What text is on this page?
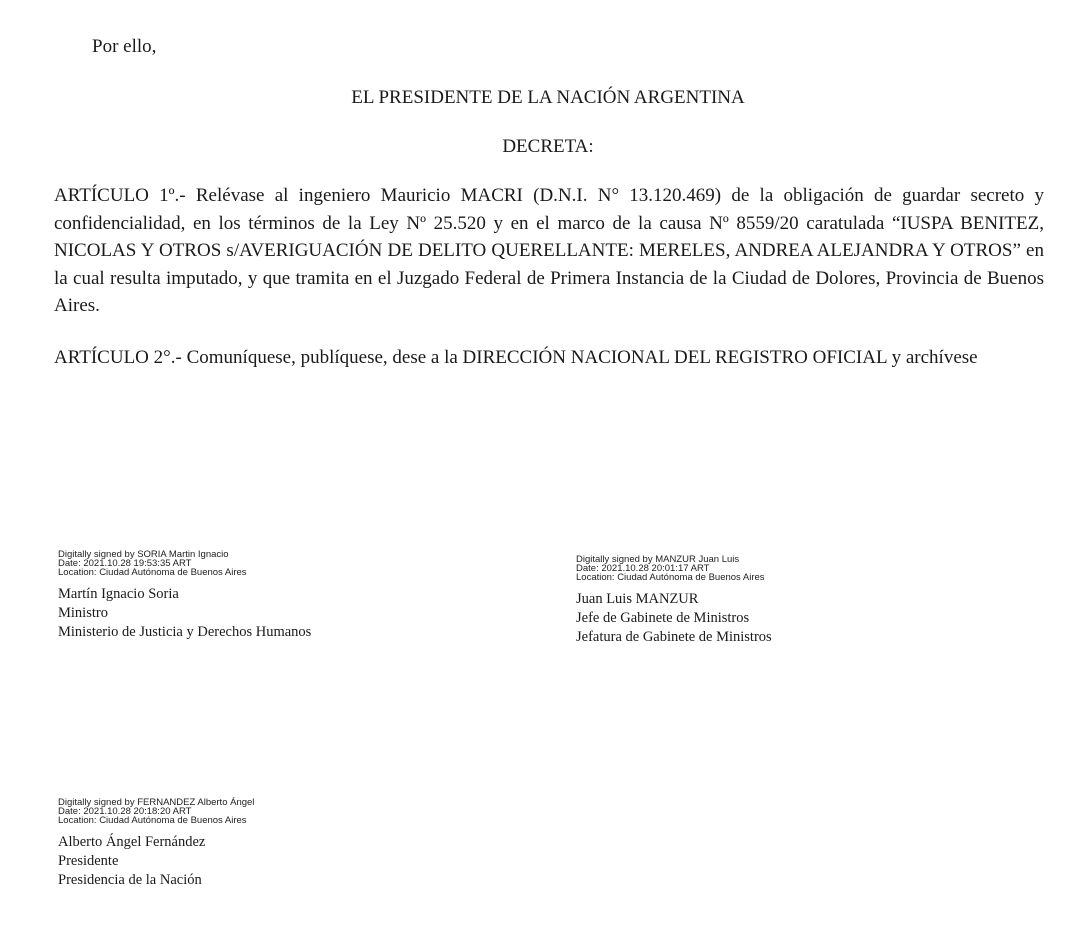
Por ello,

EL PRESIDENTE DE LA NACIÓN ARGENTINA

DECRETA:

ARTÍCULO 1º.- Relévase al ingeniero Mauricio MACRI (D.N.I. N° 13.120.469) de la obligación de guardar secreto y confidencialidad, en los términos de la Ley Nº 25.520 y en el marco de la causa Nº 8559/20 caratulada “IUSPA BENITEZ, NICOLAS Y OTROS s/AVERIGUACIÓN DE DELITO QUERELLANTE: MERELES, ANDREA ALEJANDRA Y OTROS” en la cual resulta imputado, y que tramita en el Juzgado Federal de Primera Instancia de la Ciudad de Dolores, Provincia de Buenos Aires.

ARTÍCULO 2°.- Comuníquese, publíquese, dese a la DIRECCIÓN NACIONAL DEL REGISTRO OFICIAL y archívese

Digitally signed by SORIA Martin Ignacio
Date: 2021.10.28 19:53:35 ART
Location: Ciudad Autónoma de Buenos Aires
Martín Ignacio Soria
Ministro
Ministerio de Justicia y Derechos Humanos
Digitally signed by MANZUR Juan Luis
Date: 2021.10.28 20:01:17 ART
Location: Ciudad Autónoma de Buenos Aires
Juan Luis MANZUR
Jefe de Gabinete de Ministros
Jefatura de Gabinete de Ministros
Digitally signed by FERNANDEZ Alberto Ángel
Date: 2021.10.28 20:18:20 ART
Location: Ciudad Autónoma de Buenos Aires
Alberto Ángel Fernández
Presidente
Presidencia de la Nación
